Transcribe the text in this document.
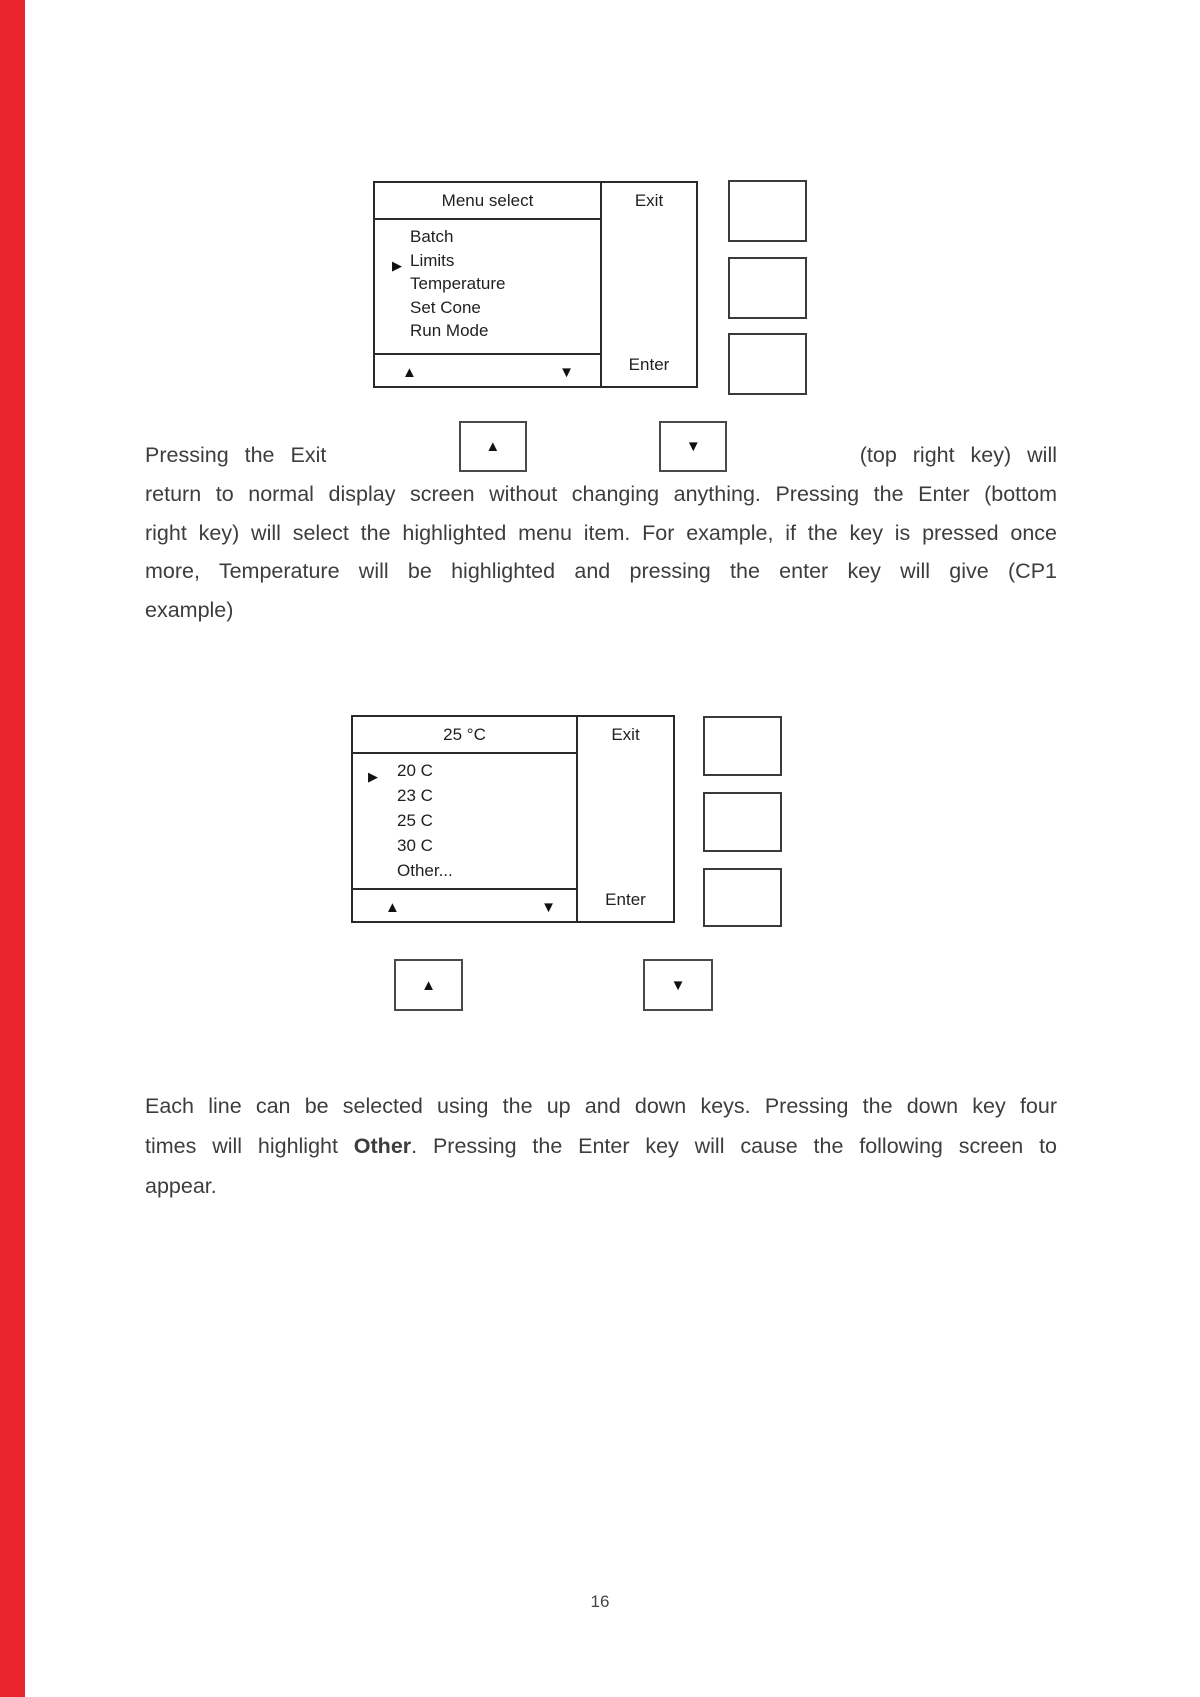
Menu select
Batch
▶ Limits
Temperature
Set Cone
Run Mode
▲	▼
Exit
Enter
Pressing the Exit	▲	▼	(top right key) will
return to normal display screen without changing anything. Pressing the Enter (bottom
right key) will select the highlighted menu item. For example, if the key is pressed once
more, Temperature will be highlighted and pressing the enter key will give (CP1
example)
25 °C
▶ 20 C
23 C
25 C
30 C
Other...
▲	▼
Exit
Enter
▲	▼
Each line can be selected using the up and down keys. Pressing the down key four
times will highlight Other. Pressing the Enter key will cause the following screen to
appear.
16
